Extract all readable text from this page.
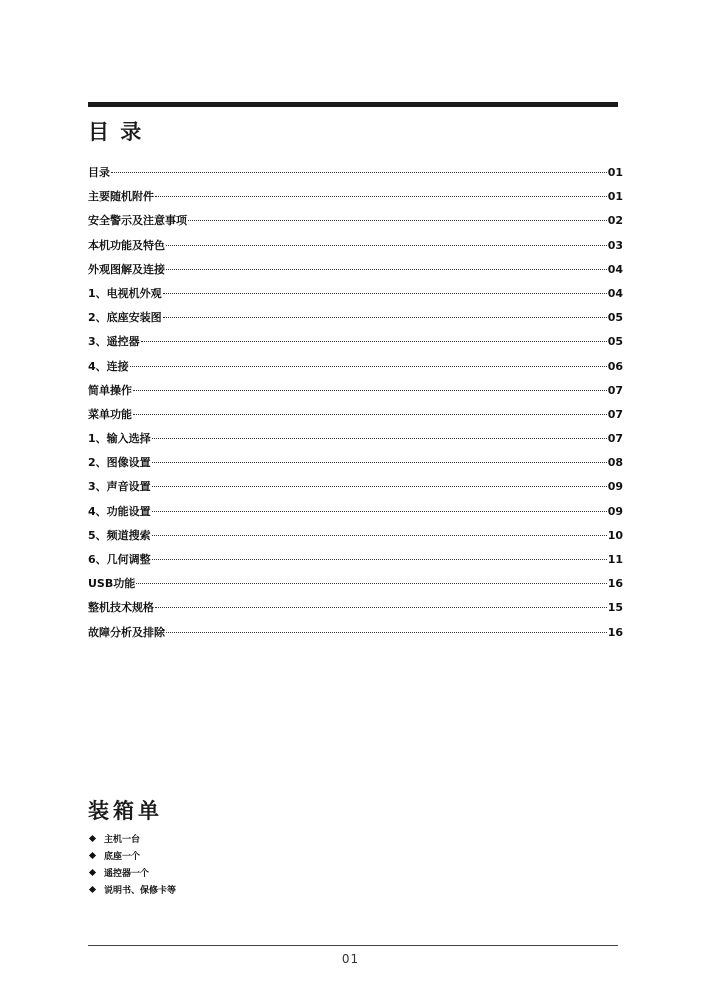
目 录
目录	01
主要随机附件	01
安全警示及注意事项	02
本机功能及特色	03
外观图解及连接	04
1、电视机外观	04
2、底座安装图	05
3、遥控器	05
4、连接	06
简单操作	07
菜单功能	07
1、输入选择	07
2、图像设置	08
3、声音设置	09
4、功能设置	09
5、频道搜索	10
6、几何调整	11
USB功能	16
整机技术规格	15
故障分析及排除	16
装箱单
主机一台
底座一个
遥控器一个
说明书、保修卡等
01
